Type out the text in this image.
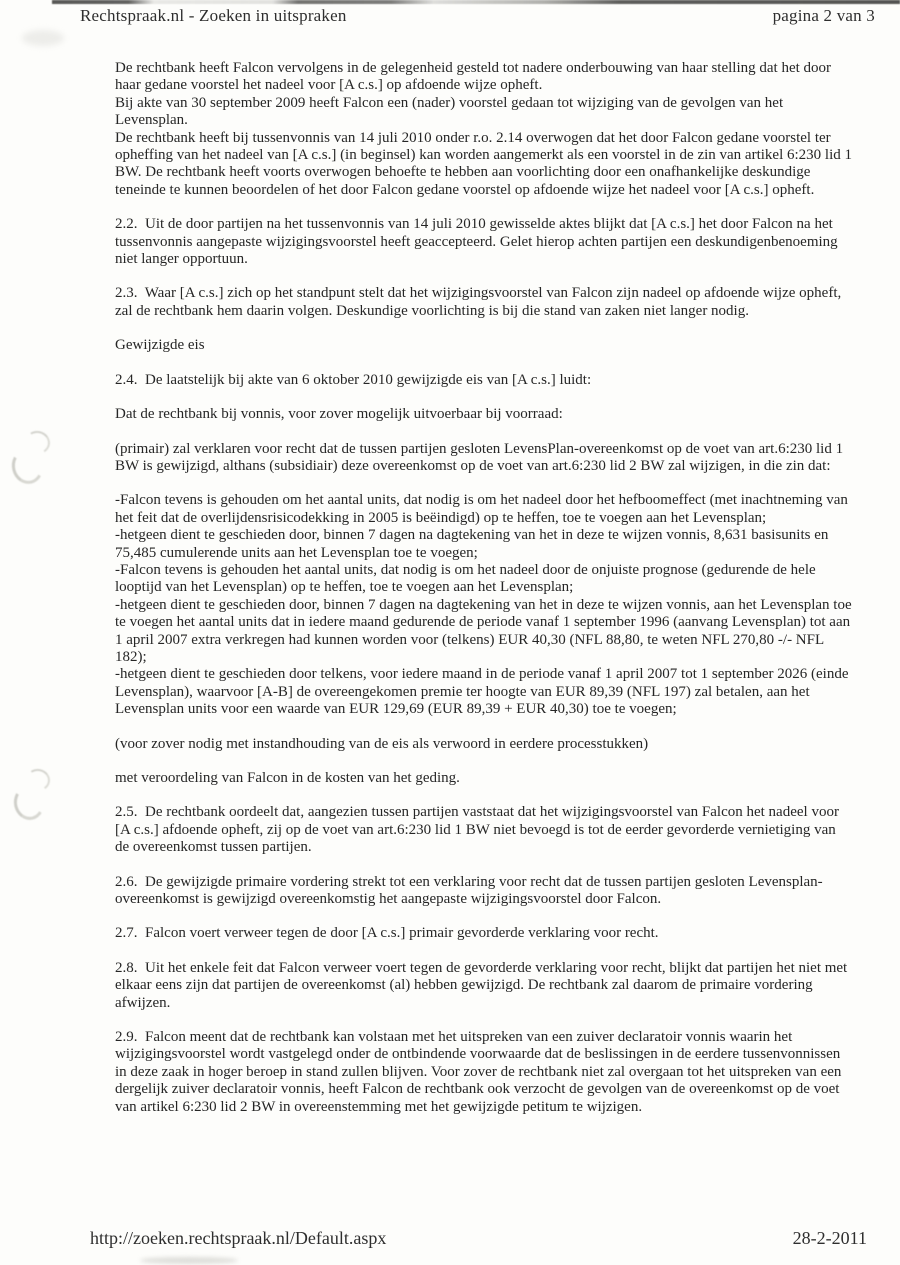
Rechtspraak.nl - Zoeken in uitspraken	pagina 2 van 3

De rechtbank heeft Falcon vervolgens in de gelegenheid gesteld tot nadere onderbouwing van haar stelling dat het door haar gedane voorstel het nadeel voor [A c.s.] op afdoende wijze opheft.

Bij akte van 30 september 2009 heeft Falcon een (nader) voorstel gedaan tot wijziging van de gevolgen van het Levensplan.

De rechtbank heeft bij tussenvonnis van 14 juli 2010 onder r.o. 2.14 overwogen dat het door Falcon gedane voorstel ter opheffing van het nadeel van [A c.s.] (in beginsel) kan worden aangemerkt als een voorstel in de zin van artikel 6:230 lid 1 BW. De rechtbank heeft voorts overwogen behoefte te hebben aan voorlichting door een onafhankelijke deskundige teneinde te kunnen beoordelen of het door Falcon gedane voorstel op afdoende wijze het nadeel voor [A c.s.] opheft.

2.2.  Uit de door partijen na het tussenvonnis van 14 juli 2010 gewisselde aktes blijkt dat [A c.s.] het door Falcon na het tussenvonnis aangepaste wijzigingsvoorstel heeft geaccepteerd. Gelet hierop achten partijen een deskundigenbenoeming niet langer opportuun.

2.3.  Waar [A c.s.] zich op het standpunt stelt dat het wijzigingsvoorstel van Falcon zijn nadeel op afdoende wijze opheft, zal de rechtbank hem daarin volgen. Deskundige voorlichting is bij die stand van zaken niet langer nodig.

Gewijzigde eis

2.4.  De laatstelijk bij akte van 6 oktober 2010 gewijzigde eis van [A c.s.] luidt:

Dat de rechtbank bij vonnis, voor zover mogelijk uitvoerbaar bij voorraad:

(primair) zal verklaren voor recht dat de tussen partijen gesloten LevensPlan-overeenkomst op de voet van art.6:230 lid 1 BW is gewijzigd, althans (subsidiair) deze overeenkomst op de voet van art.6:230 lid 2 BW zal wijzigen, in die zin dat:

-Falcon tevens is gehouden om het aantal units, dat nodig is om het nadeel door het hefboomeffect (met inachtneming van het feit dat de overlijdensrisicodekking in 2005 is beëindigd) op te heffen, toe te voegen aan het Levensplan;

-hetgeen dient te geschieden door, binnen 7 dagen na dagtekening van het in deze te wijzen vonnis, 8,631 basisunits en 75,485 cumulerende units aan het Levensplan toe te voegen;

-Falcon tevens is gehouden het aantal units, dat nodig is om het nadeel door de onjuiste prognose (gedurende de hele looptijd van het Levensplan) op te heffen, toe te voegen aan het Levensplan;

-hetgeen dient te geschieden door, binnen 7 dagen na dagtekening van het in deze te wijzen vonnis, aan het Levensplan toe te voegen het aantal units dat in iedere maand gedurende de periode vanaf 1 september 1996 (aanvang Levensplan) tot aan 1 april 2007 extra verkregen had kunnen worden voor (telkens) EUR 40,30 (NFL 88,80, te weten NFL 270,80 -/- NFL 182);

-hetgeen dient te geschieden door telkens, voor iedere maand in de periode vanaf 1 april 2007 tot 1 september 2026 (einde Levensplan), waarvoor [A-B] de overeengekomen premie ter hoogte van EUR 89,39 (NFL 197) zal betalen, aan het Levensplan units voor een waarde van EUR 129,69 (EUR 89,39 + EUR 40,30) toe te voegen;

(voor zover nodig met instandhouding van de eis als verwoord in eerdere processtukken)

met veroordeling van Falcon in de kosten van het geding.

2.5.  De rechtbank oordeelt dat, aangezien tussen partijen vaststaat dat het wijzigingsvoorstel van Falcon het nadeel voor [A c.s.] afdoende opheft, zij op de voet van art.6:230 lid 1 BW niet bevoegd is tot de eerder gevorderde vernietiging van de overeenkomst tussen partijen.

2.6.  De gewijzigde primaire vordering strekt tot een verklaring voor recht dat de tussen partijen gesloten Levensplan-overeenkomst is gewijzigd overeenkomstig het aangepaste wijzigingsvoorstel door Falcon.

2.7.  Falcon voert verweer tegen de door [A c.s.] primair gevorderde verklaring voor recht.

2.8.  Uit het enkele feit dat Falcon verweer voert tegen de gevorderde verklaring voor recht, blijkt dat partijen het niet met elkaar eens zijn dat partijen de overeenkomst (al) hebben gewijzigd. De rechtbank zal daarom de primaire vordering afwijzen.

2.9.  Falcon meent dat de rechtbank kan volstaan met het uitspreken van een zuiver declaratoir vonnis waarin het wijzigingsvoorstel wordt vastgelegd onder de ontbindende voorwaarde dat de beslissingen in de eerdere tussenvonnissen in deze zaak in hoger beroep in stand zullen blijven. Voor zover de rechtbank niet zal overgaan tot het uitspreken van een dergelijk zuiver declaratoir vonnis, heeft Falcon de rechtbank ook verzocht de gevolgen van de overeenkomst op de voet van artikel 6:230 lid 2 BW in overeenstemming met het gewijzigde petitum te wijzigen.

http://zoeken.rechtspraak.nl/Default.aspx	28-2-2011
